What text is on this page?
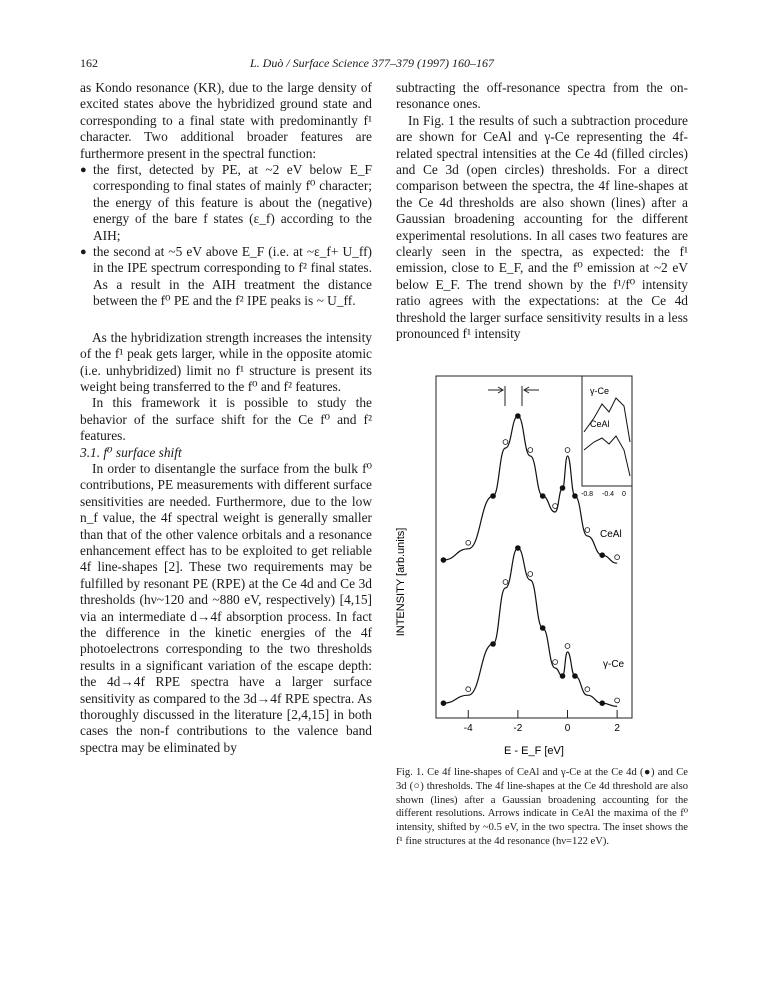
162	L. Duò / Surface Science 377–379 (1997) 160–167

as Kondo resonance (KR), due to the large density of excited states above the hybridized ground state and corresponding to a final state with predominantly f¹ character. Two additional broader features are furthermore present in the spectral function:

● the first, detected by PE, at ~2 eV below E_F corresponding to final states of mainly f⁰ character; the energy of this feature is about the (negative) energy of the bare f states (ε_f) according to the AIH;
● the second at ~5 eV above E_F (i.e. at ~ε_f+ U_ff) in the IPE spectrum corresponding to f² final states. As a result in the AIH treatment the distance between the f⁰ PE and the f² IPE peaks is ~ U_ff.

As the hybridization strength increases the intensity of the f¹ peak gets larger, while in the opposite atomic (i.e. unhybridized) limit no f¹ structure is present its weight being transferred to the f⁰ and f² features.

In this framework it is possible to study the behavior of the surface shift for the Ce f⁰ and f² features.

3.1. f⁰ surface shift

In order to disentangle the surface from the bulk f⁰ contributions, PE measurements with different surface sensitivities are needed. Furthermore, due to the low n_f value, the 4f spectral weight is generally smaller than that of the other valence orbitals and a resonance enhancement effect has to be exploited to get reliable 4f line-shapes [2]. These two requirements may be fulfilled by resonant PE (RPE) at the Ce 4d and Ce 3d thresholds (hν~120 and ~880 eV, respectively) [4,15] via an intermediate d→4f absorption process. In fact the difference in the kinetic energies of the 4f photoelectrons corresponding to the two thresholds results in a significant variation of the escape depth: the 4d→4f RPE spectra have a larger surface sensitivity as compared to the 3d→4f RPE spectra. As thoroughly discussed in the literature [2,4,15] in both cases the non-f contributions to the valence band spectra may be eliminated by

subtracting the off-resonance spectra from the on-resonance ones.

In Fig. 1 the results of such a subtraction procedure are shown for CeAl and γ-Ce representing the 4f-related spectral intensities at the Ce 4d (filled circles) and Ce 3d (open circles) thresholds. For a direct comparison between the spectra, the 4f line-shapes at the Ce 4d thresholds are also shown (lines) after a Gaussian broadening accounting for the different experimental resolutions. In all cases two features are clearly seen in the spectra, as expected: the f¹ emission, close to E_F, and the f⁰ emission at ~2 eV below E_F. The trend shown by the f¹/f⁰ intensity ratio agrees with the expectations: at the Ce 4d threshold the larger surface sensitivity results in a less pronounced f¹ intensity

INTENSITY [arb.units]
E - E_F [eV]
CeAl
γ-Ce
γ-Ce
CeAl
-0.8 -0.4 0
-4	-2	0	2
Fig. 1. Ce 4f line-shapes of CeAl and γ-Ce at the Ce 4d (●) and Ce 3d (○) thresholds. The 4f line-shapes at the Ce 4d threshold are also shown (lines) after a Gaussian broadening accounting for the different resolutions. Arrows indicate in CeAl the maxima of the f⁰ intensity, shifted by ~0.5 eV, in the two spectra. The inset shows the f¹ fine structures at the 4d resonance (hν=122 eV).
